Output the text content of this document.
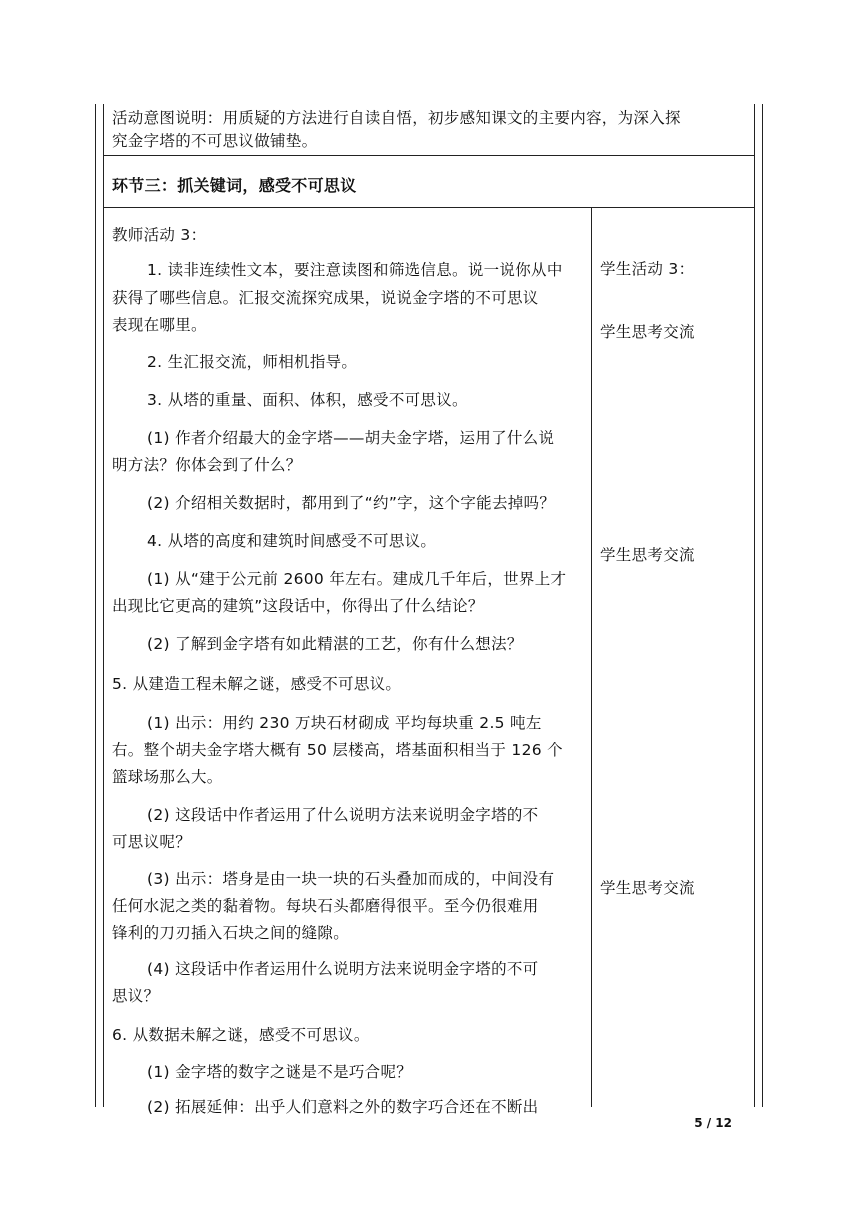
活动意图说明：用质疑的方法进行自读自悟，初步感知课文的主要内容，为深入探
究金字塔的不可思议做铺垫。
环节三：抓关键词，感受不可思议
教师活动 3：
1. 读非连续性文本，要注意读图和筛选信息。说一说你从中
获得了哪些信息。汇报交流探究成果，说说金字塔的不可思议
表现在哪里。
2. 生汇报交流，师相机指导。
3. 从塔的重量、面积、体积，感受不可思议。
(1) 作者介绍最大的金字塔——胡夫金字塔，运用了什么说
明方法？你体会到了什么？
(2) 介绍相关数据时，都用到了“约”字，这个字能去掉吗？
4. 从塔的高度和建筑时间感受不可思议。
(1) 从“建于公元前 2600 年左右。建成几千年后，世界上才
出现比它更高的建筑”这段话中，你得出了什么结论？
(2) 了解到金字塔有如此精湛的工艺，你有什么想法？
5. 从建造工程未解之谜，感受不可思议。
(1) 出示：用约 230 万块石材砌成 平均每块重 2.5 吨左
右。整个胡夫金字塔大概有 50 层楼高，塔基面积相当于 126 个
篮球场那么大。
(2) 这段话中作者运用了什么说明方法来说明金字塔的不
可思议呢？
(3) 出示：塔身是由一块一块的石头叠加而成的，中间没有
任何水泥之类的黏着物。每块石头都磨得很平。至今仍很难用
锋利的刀刃插入石块之间的缝隙。
(4) 这段话中作者运用什么说明方法来说明金字塔的不可
思议？
6. 从数据未解之谜，感受不可思议。
(1) 金字塔的数字之谜是不是巧合呢？
(2) 拓展延伸：出乎人们意料之外的数字巧合还在不断出
学生活动 3：
学生思考交流
学生思考交流
学生思考交流
5 / 12
